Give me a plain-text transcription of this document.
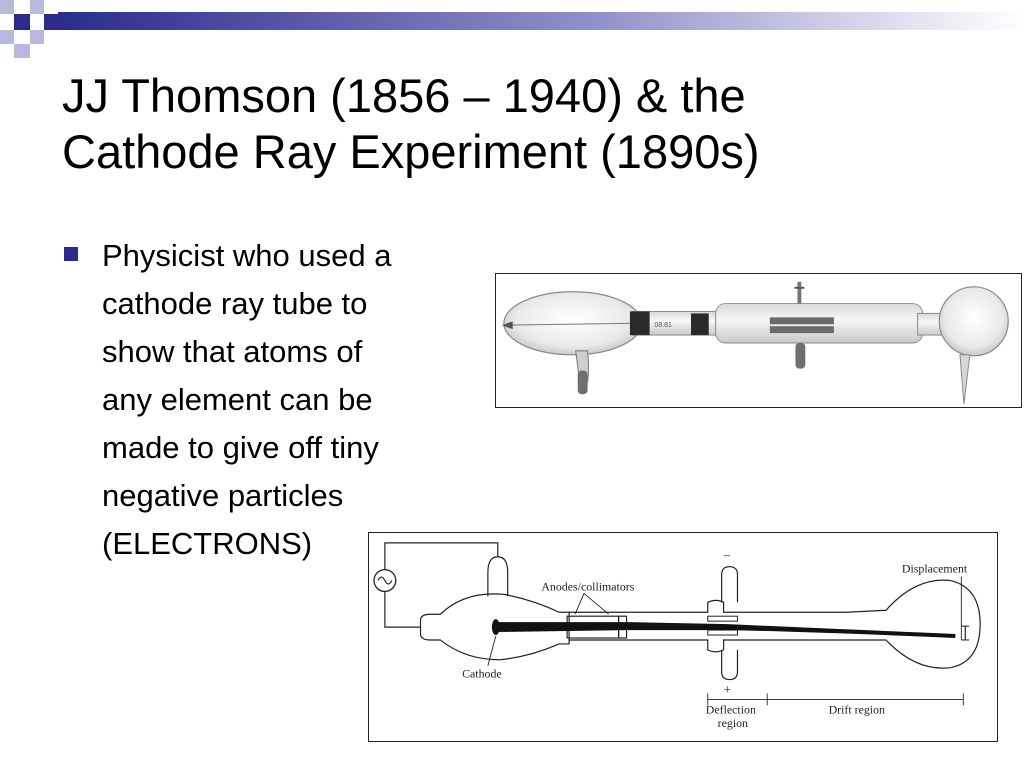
JJ Thomson (1856 – 1940) & the
Cathode Ray Experiment (1890s)
Physicist who used a
cathode ray tube to
show that atoms of
any element can be
made to give off tiny
negative particles
(ELECTRONS)
08.81
–
+
Anodes/collimators
Cathode
Displacement
Deflection
region
Drift region
